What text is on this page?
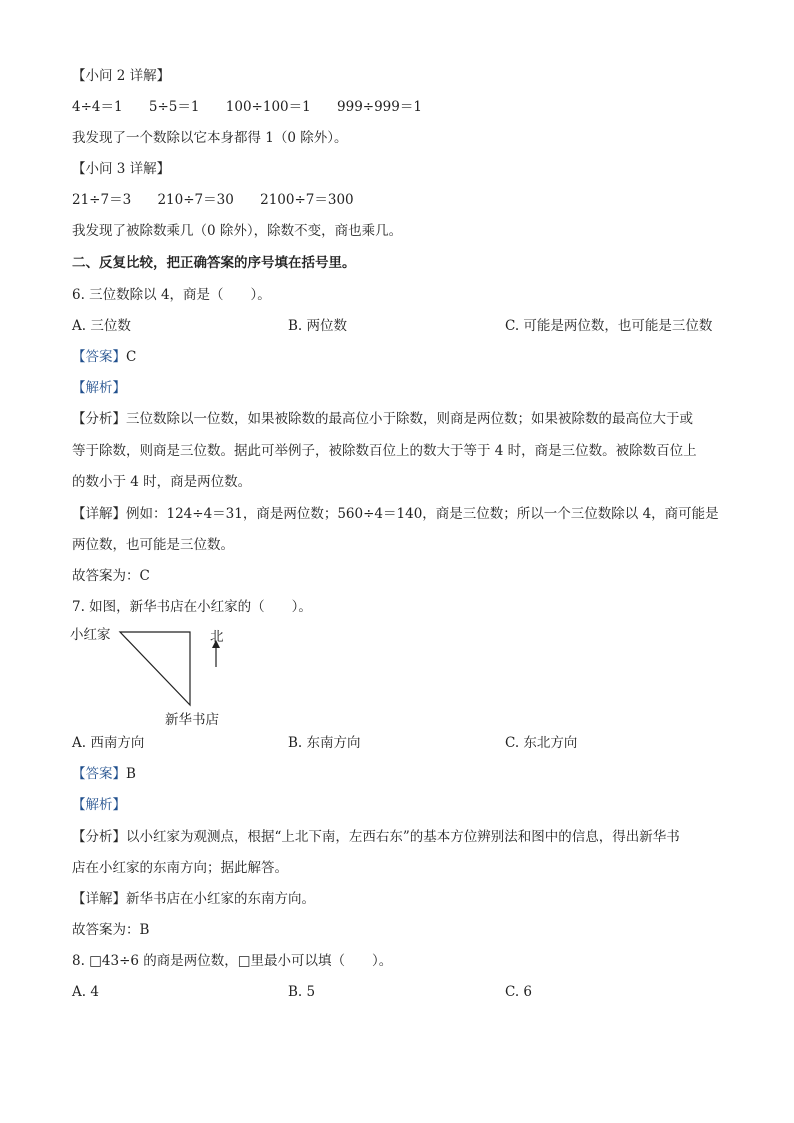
【小问 2 详解】
4÷4＝1 5÷5＝1 100÷100＝1 999÷999＝1
我发现了一个数除以它本身都得 1（0 除外）。
【小问 3 详解】
21÷7＝3 210÷7＝30 2100÷7＝300
我发现了被除数乘几（0 除外），除数不变，商也乘几。
二、反复比较，把正确答案的序号填在括号里。
6. 三位数除以 4，商是（　　）。
A. 三位数	B. 两位数	C. 可能是两位数，也可能是三位数
【答案】C
【解析】
【分析】三位数除以一位数，如果被除数的最高位小于除数，则商是两位数；如果被除数的最高位大于或
等于除数，则商是三位数。据此可举例子，被除数百位上的数大于等于 4 时，商是三位数。被除数百位上
的数小于 4 时，商是两位数。
【详解】例如：124÷4＝31，商是两位数；560÷4＝140，商是三位数；所以一个三位数除以 4，商可能是
两位数，也可能是三位数。
故答案为：C
7. 如图，新华书店在小红家的（　　）。
小红家	北
新华书店
A. 西南方向	B. 东南方向	C. 东北方向
【答案】B
【解析】
【分析】以小红家为观测点，根据“上北下南，左西右东”的基本方位辨别法和图中的信息，得出新华书
店在小红家的东南方向；据此解答。
【详解】新华书店在小红家的东南方向。
故答案为：B
8. □43÷6 的商是两位数，□里最小可以填（　　）。
A. 4	B. 5	C. 6
